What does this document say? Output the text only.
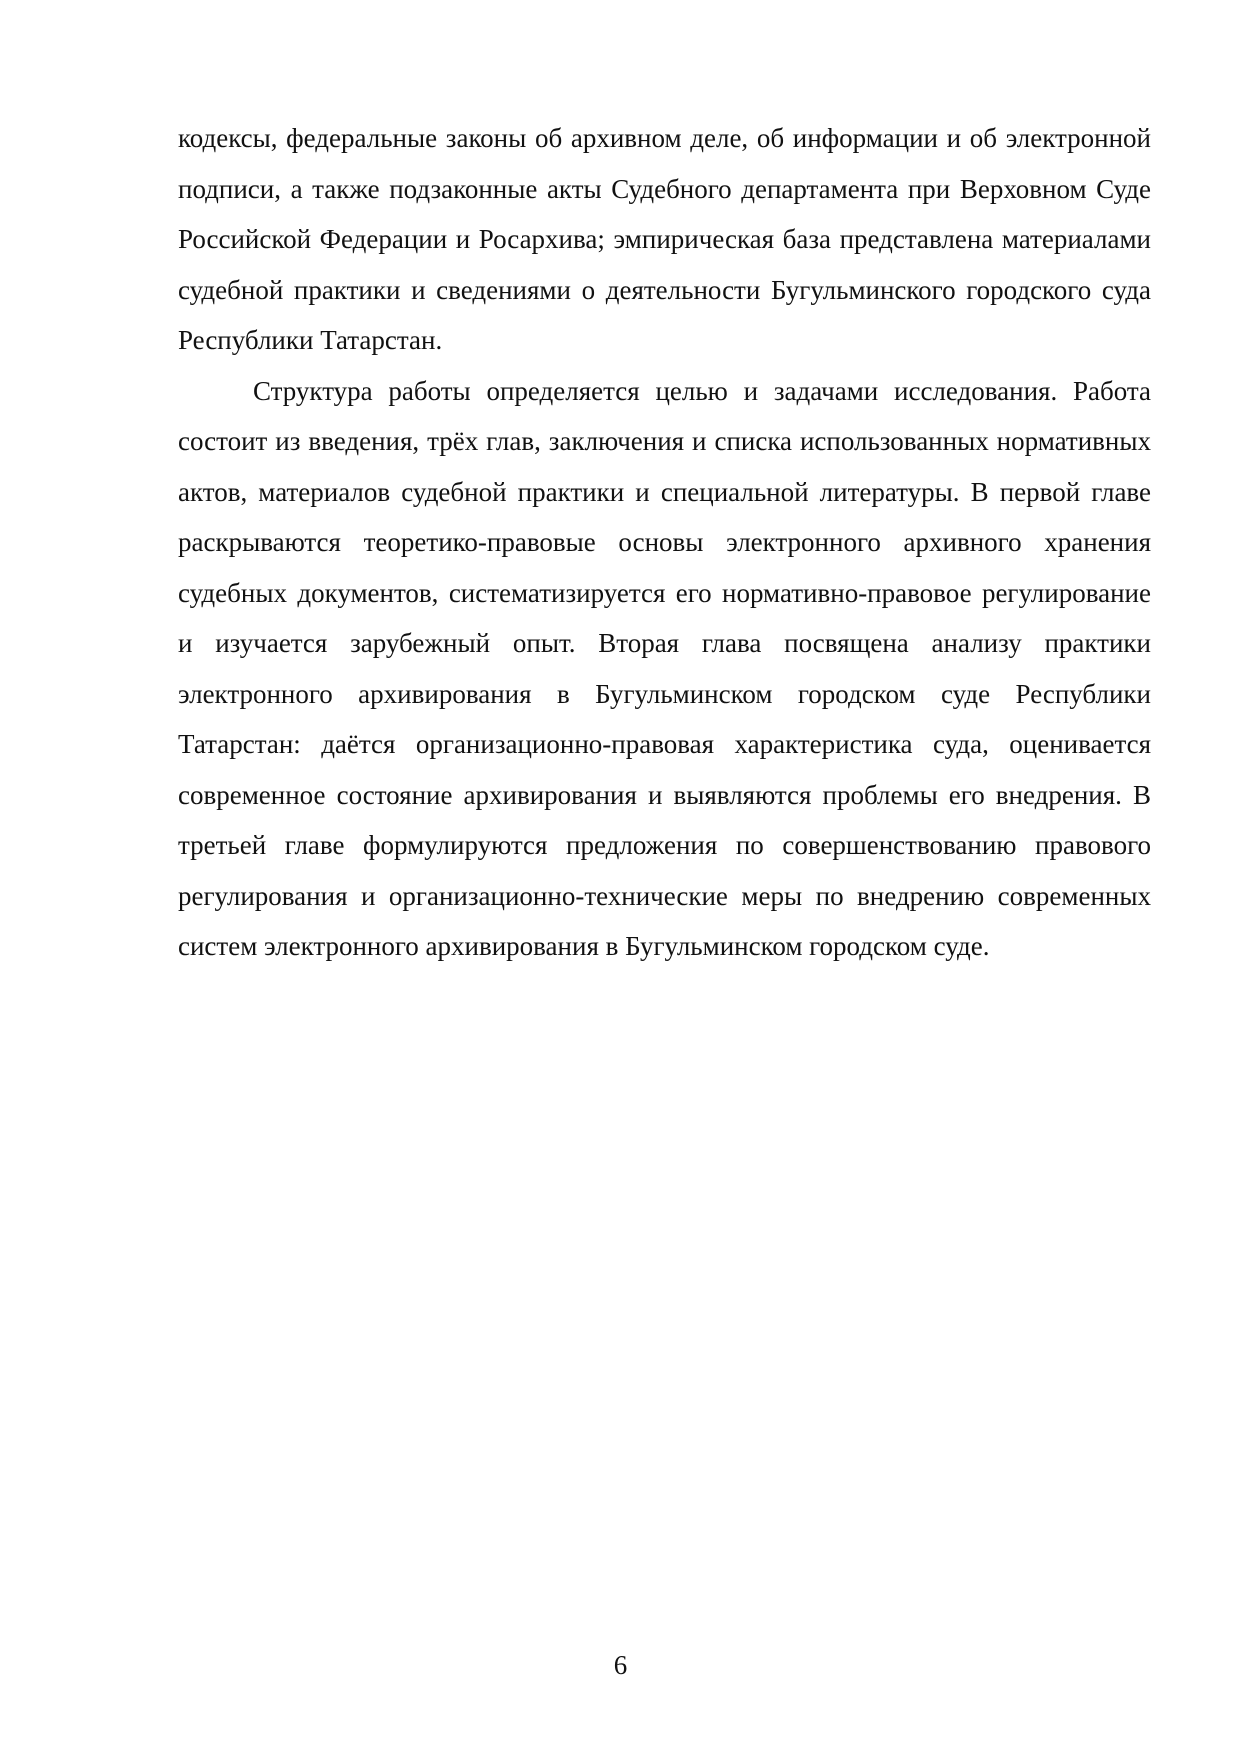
кодексы, федеральные законы об архивном деле, об информации и об электронной подписи, а также подзаконные акты Судебного департамента при Верховном Суде Российской Федерации и Росархива; эмпирическая база представлена материалами судебной практики и сведениями о деятельности Бугульминского городского суда Республики Татарстан.

Структура работы определяется целью и задачами исследования. Работа состоит из введения, трёх глав, заключения и списка использованных нормативных актов, материалов судебной практики и специальной литературы. В первой главе раскрываются теоретико-правовые основы электронного архивного хранения судебных документов, систематизируется его нормативно-правовое регулирование и изучается зарубежный опыт. Вторая глава посвящена анализу практики электронного архивирования в Бугульминском городском суде Республики Татарстан: даётся организационно-правовая характеристика суда, оценивается современное состояние архивирования и выявляются проблемы его внедрения. В третьей главе формулируются предложения по совершенствованию правового регулирования и организационно-технические меры по внедрению современных систем электронного архивирования в Бугульминском городском суде.

6
